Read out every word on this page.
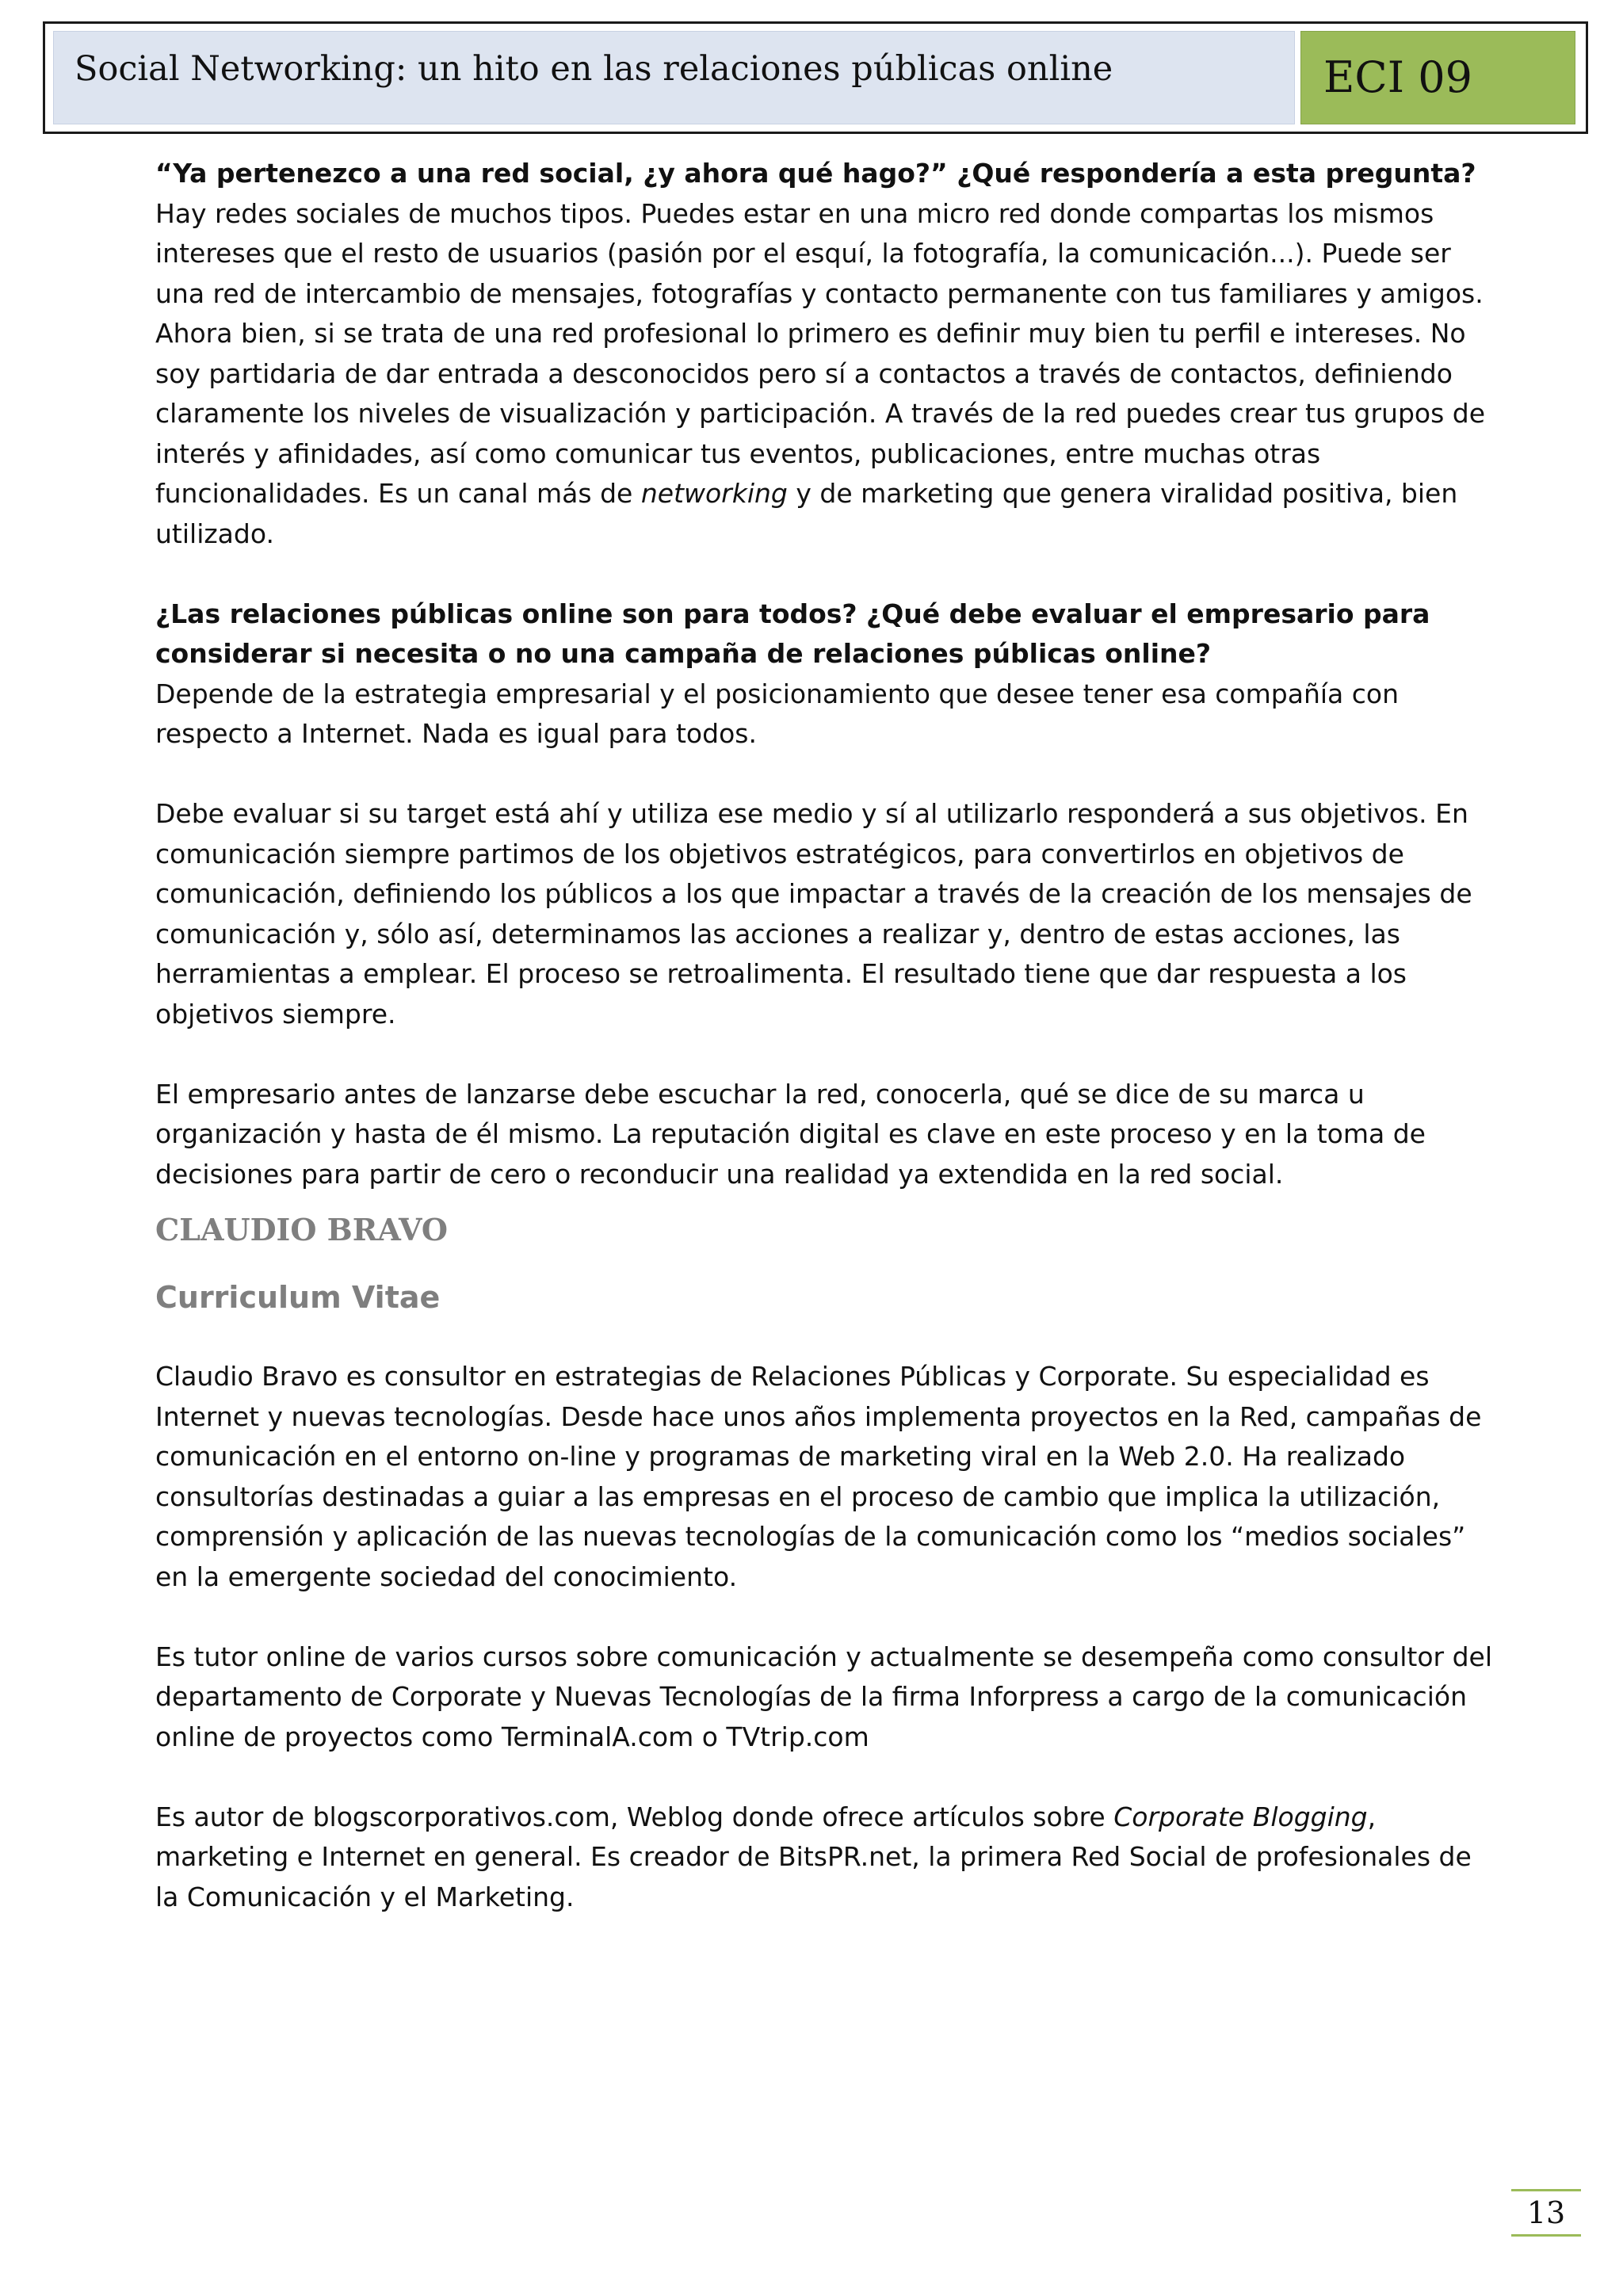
Social Networking: un hito en las relaciones públicas online	ECI 09

“Ya pertenezco a una red social, ¿y ahora qué hago?” ¿Qué respondería a esta pregunta?

Hay redes sociales de muchos tipos. Puedes estar en una micro red donde compartas los mismos intereses que el resto de usuarios (pasión por el esquí, la fotografía, la comunicación...). Puede ser una red de intercambio de mensajes, fotografías y contacto permanente con tus familiares y amigos. Ahora bien, si se trata de una red profesional lo primero es definir muy bien tu perfil e intereses. No soy partidaria de dar entrada a desconocidos pero sí a contactos a través de contactos, definiendo claramente los niveles de visualización y participación. A través de la red puedes crear tus grupos de interés y afinidades, así como comunicar tus eventos, publicaciones, entre muchas otras funcionalidades. Es un canal más de networking y de marketing que genera viralidad positiva, bien utilizado.

¿Las relaciones públicas online son para todos? ¿Qué debe evaluar el empresario para considerar si necesita o no una campaña de relaciones públicas online?

Depende de la estrategia empresarial y el posicionamiento que desee tener esa compañía con respecto a Internet. Nada es igual para todos.

Debe evaluar si su target está ahí y utiliza ese medio y sí al utilizarlo responderá a sus objetivos. En comunicación siempre partimos de los objetivos estratégicos, para convertirlos en objetivos de comunicación, definiendo los públicos a los que impactar a través de la creación de los mensajes de comunicación y, sólo así, determinamos las acciones a realizar y, dentro de estas acciones, las herramientas a emplear. El proceso se retroalimenta. El resultado tiene que dar respuesta a los objetivos siempre.

El empresario antes de lanzarse debe escuchar la red, conocerla, qué se dice de su marca u organización y hasta de él mismo. La reputación digital es clave en este proceso y en la toma de decisiones para partir de cero o reconducir una realidad ya extendida en la red social.

CLAUDIO BRAVO
Curriculum Vitae

Claudio Bravo es consultor en estrategias de Relaciones Públicas y Corporate. Su especialidad es Internet y nuevas tecnologías. Desde hace unos años implementa proyectos en la Red, campañas de comunicación en el entorno on-line y programas de marketing viral en la Web 2.0. Ha realizado consultorías destinadas a guiar a las empresas en el proceso de cambio que implica la utilización, comprensión y aplicación de las nuevas tecnologías de la comunicación como los “medios sociales” en la emergente sociedad del conocimiento.

Es tutor online de varios cursos sobre comunicación y actualmente se desempeña como consultor del departamento de Corporate y Nuevas Tecnologías de la firma Inforpress a cargo de la comunicación online de proyectos como TerminalA.com o TVtrip.com

Es autor de blogscorporativos.com, Weblog donde ofrece artículos sobre Corporate Blogging, marketing e Internet en general. Es creador de BitsPR.net, la primera Red Social de profesionales de la Comunicación y el Marketing.

13
